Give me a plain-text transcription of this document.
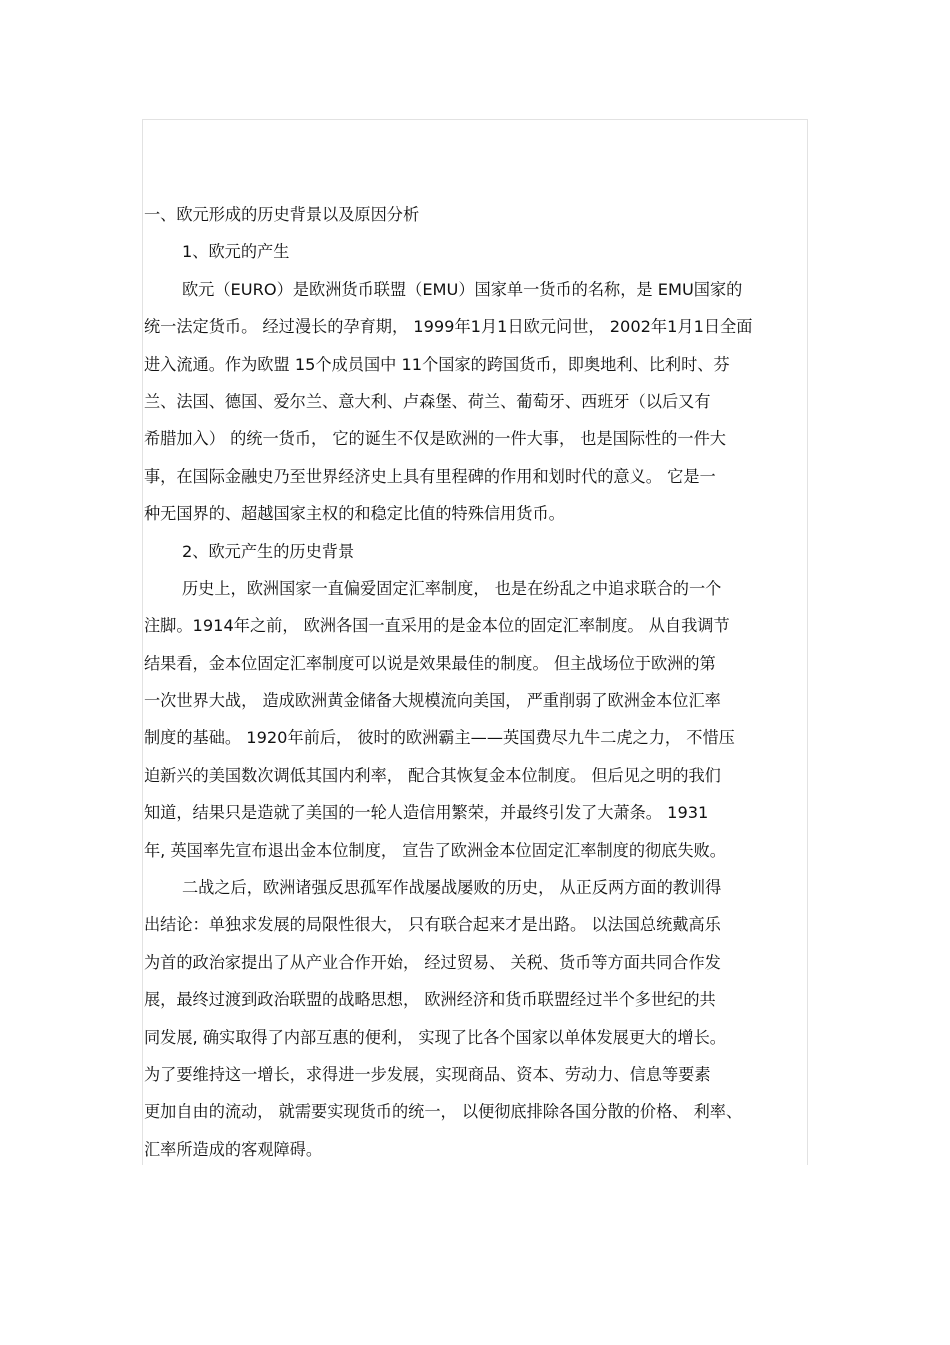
一、欧元形成的历史背景以及原因分析
1、欧元的产生
欧元（EURO）是欧洲货币联盟（EMU）国家单一货币的名称，是 EMU国家的
统一法定货币。 经过漫长的孕育期， 1999年1月1日欧元问世， 2002年1月1日全面
进入流通。作为欧盟 15个成员国中 11个国家的跨国货币，即奥地利、比利时、芬
兰、法国、德国、爱尔兰、意大利、卢森堡、荷兰、葡萄牙、西班牙（以后又有
希腊加入） 的统一货币， 它的诞生不仅是欧洲的一件大事， 也是国际性的一件大
事，在国际金融史乃至世界经济史上具有里程碑的作用和划时代的意义。 它是一
种无国界的、超越国家主权的和稳定比值的特殊信用货币。
2、欧元产生的历史背景
历史上，欧洲国家一直偏爱固定汇率制度， 也是在纷乱之中追求联合的一个
注脚。1914年之前， 欧洲各国一直采用的是金本位的固定汇率制度。 从自我调节
结果看，金本位固定汇率制度可以说是效果最佳的制度。 但主战场位于欧洲的第
一次世界大战， 造成欧洲黄金储备大规模流向美国， 严重削弱了欧洲金本位汇率
制度的基础。 1920年前后， 彼时的欧洲霸主——英国费尽九牛二虎之力， 不惜压
迫新兴的美国数次调低其国内利率， 配合其恢复金本位制度。 但后见之明的我们
知道，结果只是造就了美国的一轮人造信用繁荣，并最终引发了大萧条。 1931
年, 英国率先宣布退出金本位制度， 宣告了欧洲金本位固定汇率制度的彻底失败。
二战之后，欧洲诸强反思孤军作战屡战屡败的历史， 从正反两方面的教训得
出结论：单独求发展的局限性很大， 只有联合起来才是出路。 以法国总统戴高乐
为首的政治家提出了从产业合作开始， 经过贸易、 关税、货币等方面共同合作发
展，最终过渡到政治联盟的战略思想， 欧洲经济和货币联盟经过半个多世纪的共
同发展, 确实取得了内部互惠的便利， 实现了比各个国家以单体发展更大的增长。
为了要维持这一增长，求得进一步发展，实现商品、资本、劳动力、信息等要素
更加自由的流动， 就需要实现货币的统一， 以便彻底排除各国分散的价格、 利率、
汇率所造成的客观障碍。
